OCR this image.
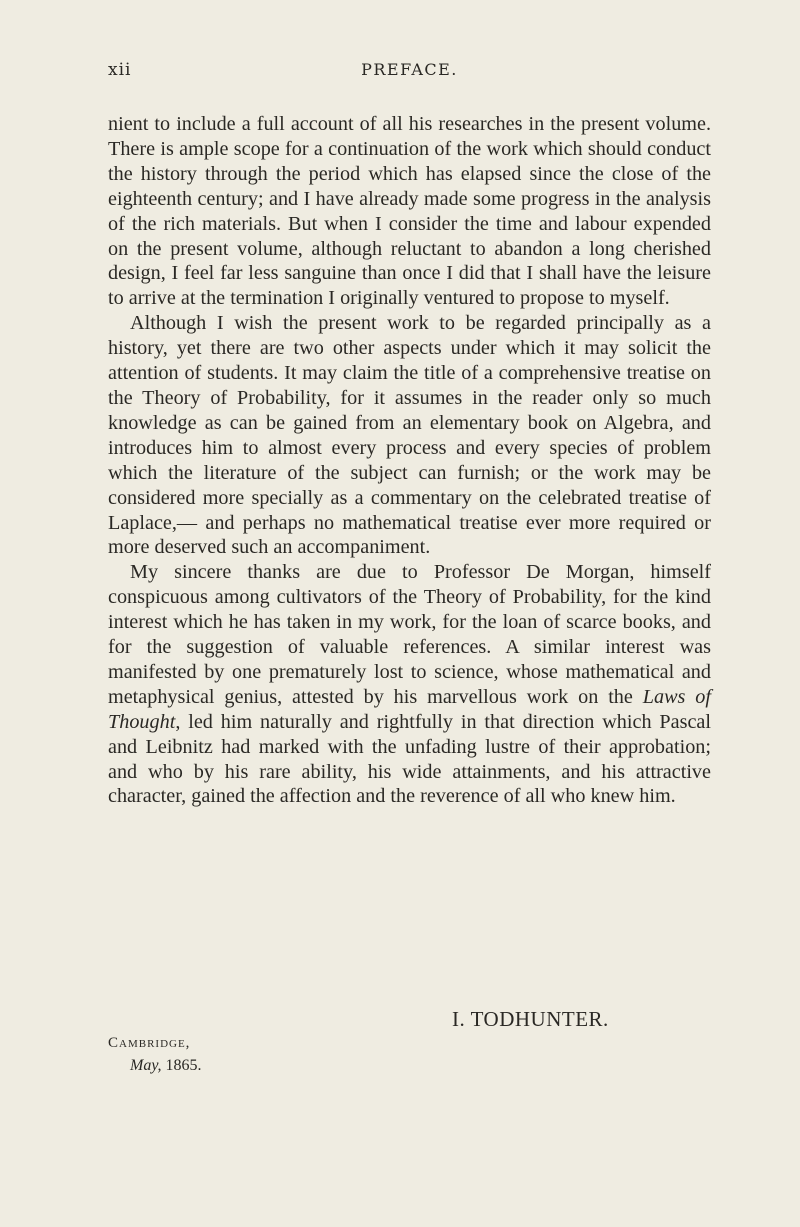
xii	PREFACE.

nient to include a full account of all his researches in the present volume. There is ample scope for a continuation of the work which should conduct the history through the period which has elapsed since the close of the eighteenth century; and I have already made some progress in the analysis of the rich materials. But when I consider the time and labour expended on the present volume, although reluctant to abandon a long cherished design, I feel far less sanguine than once I did that I shall have the leisure to arrive at the termination I originally ventured to propose to myself.

Although I wish the present work to be regarded principally as a history, yet there are two other aspects under which it may solicit the attention of students. It may claim the title of a comprehensive treatise on the Theory of Probability, for it assumes in the reader only so much knowledge as can be gained from an elementary book on Algebra, and introduces him to almost every process and every species of problem which the literature of the subject can furnish; or the work may be considered more specially as a commentary on the celebrated treatise of Laplace,— and perhaps no mathematical treatise ever more required or more deserved such an accompaniment.

My sincere thanks are due to Professor De Morgan, himself conspicuous among cultivators of the Theory of Probability, for the kind interest which he has taken in my work, for the loan of scarce books, and for the suggestion of valuable references. A similar interest was manifested by one prematurely lost to science, whose mathematical and metaphysical genius, attested by his marvellous work on the Laws of Thought, led him naturally and rightfully in that direction which Pascal and Leibnitz had marked with the unfading lustre of their approbation; and who by his rare ability, his wide attainments, and his attractive character, gained the affection and the reverence of all who knew him.

I. TODHUNTER.
Cambridge,
May, 1865.
